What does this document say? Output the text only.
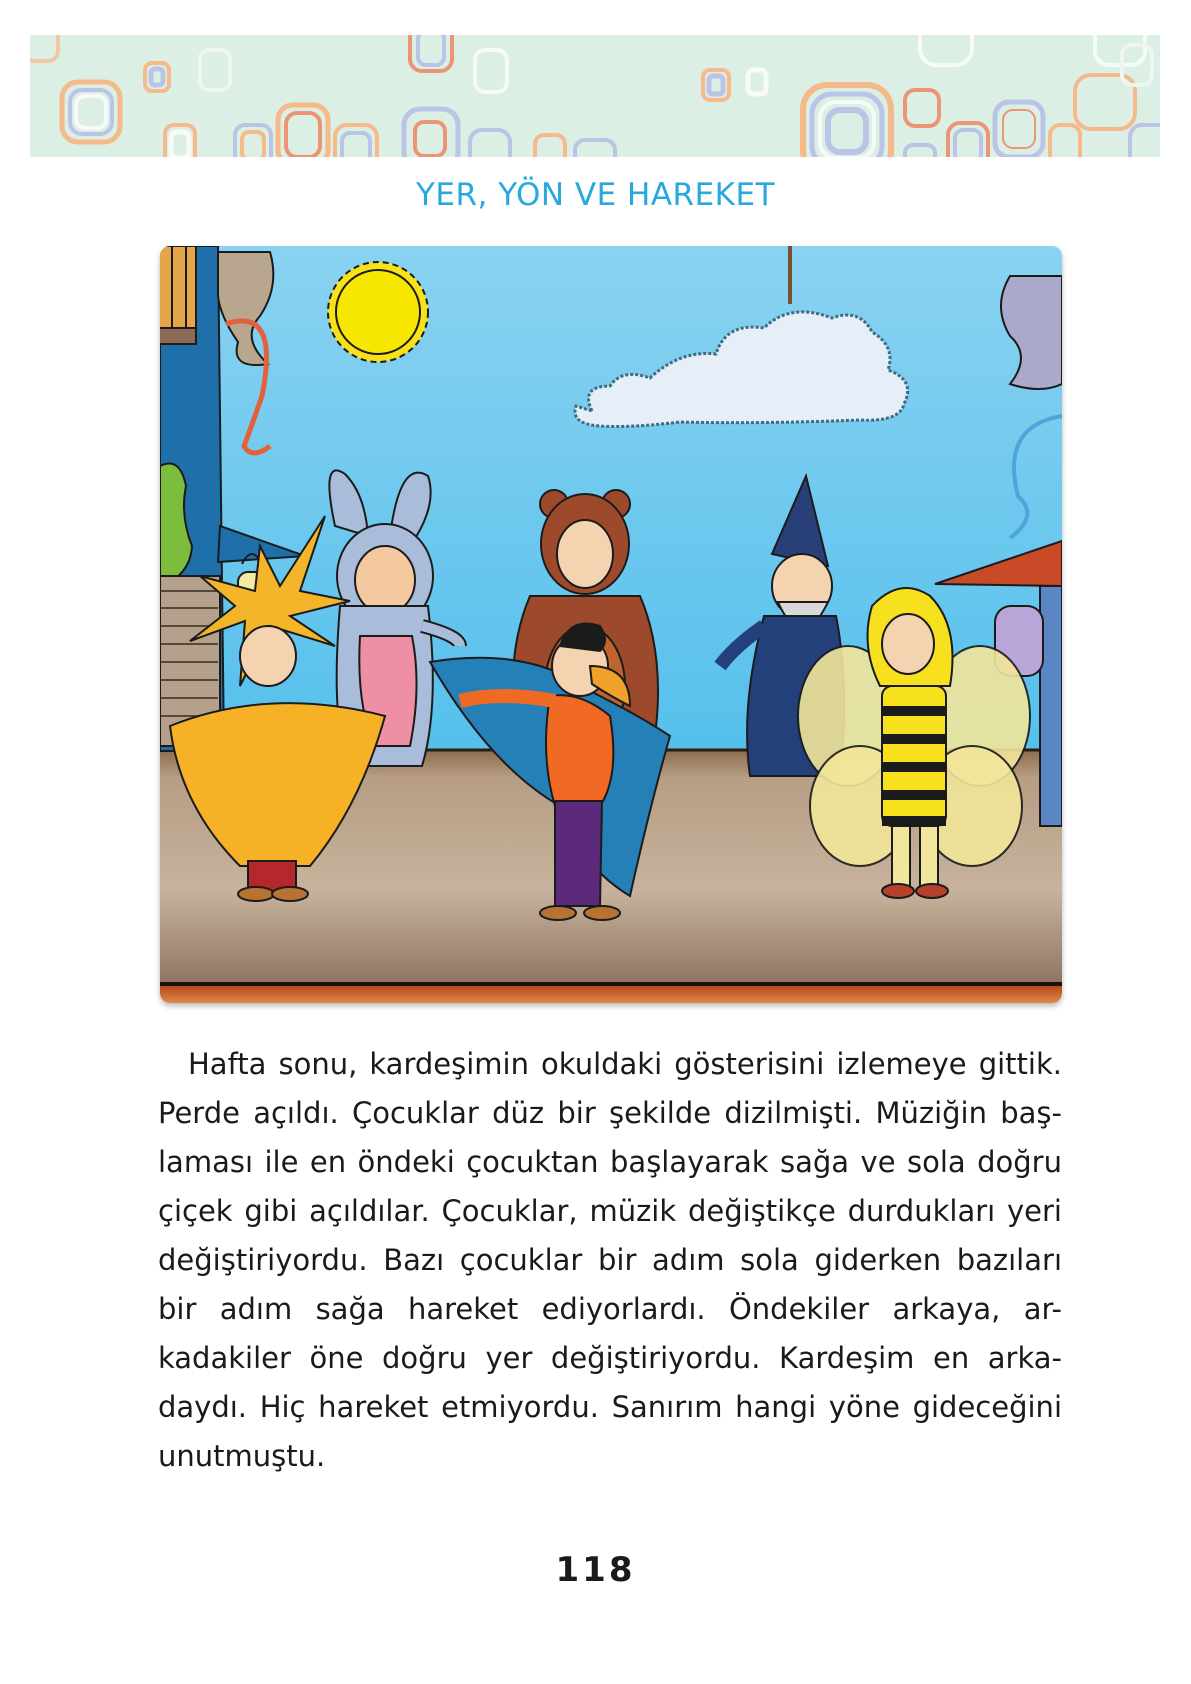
YER, YÖN VE HAREKET
Hafta sonu, kardeşimin okuldaki gösterisini izlemeye gittik.
Perde açıldı. Çocuklar düz bir şekilde dizilmişti. Müziğin baş-
laması ile en öndeki çocuktan başlayarak sağa ve sola doğru
çiçek gibi açıldılar. Çocuklar, müzik değiştikçe durdukları yeri
değiştiriyordu. Bazı çocuklar bir adım sola giderken bazıları
bir adım sağa hareket ediyorlardı. Öndekiler arkaya, ar-
kadakiler öne doğru yer değiştiriyordu. Kardeşim en arka-
daydı. Hiç hareket etmiyordu. Sanırım hangi yöne gideceğini
unutmuştu.
118
